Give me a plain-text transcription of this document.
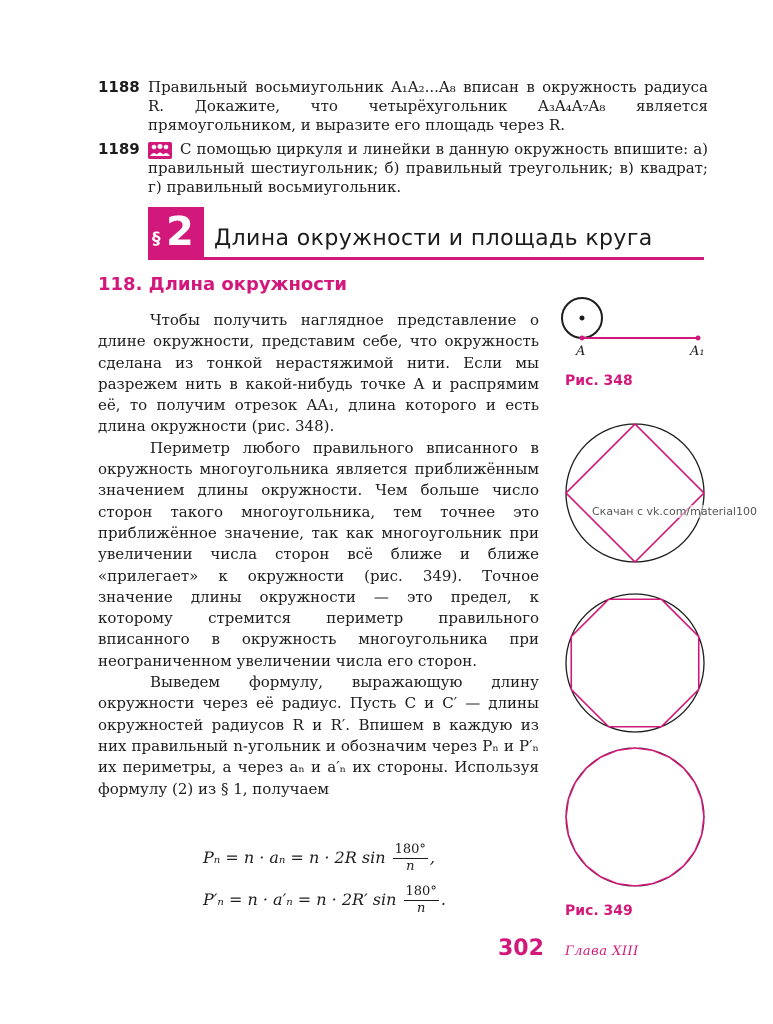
1188 Правильный восьмиугольник A₁A₂...A₈ вписан в окружность радиуса R. Докажите, что четырёхугольник A₃A₄A₇A₈ является прямоугольником, и выразите его площадь через R.
1189	С помощью циркуля и линейки в данную окружность впишите: а) правильный шестиугольник; б) правильный треугольник; в) квадрат; г) правильный восьмиугольник.
§ 2 Длина окружности и площадь круга
118. Длина окружности

Чтобы получить наглядное представление о длине окружности, представим себе, что окружность сделана из тонкой нерастяжимой нити. Если мы разрежем нить в какой-нибудь точке A и распрямим её, то получим отрезок AA₁, длина которого и есть длина окружности (рис. 348).

Периметр любого правильного вписанного в окружность многоугольника является приближённым значением длины окружности. Чем больше число сторон такого многоугольника, тем точнее это приближённое значение, так как многоугольник при увеличении числа сторон всё ближе и ближе «прилегает» к окружности (рис. 349). Точное значение длины окружности — это предел, к которому стремится периметр правильного вписанного в окружность многоугольника при неограниченном увеличении числа его сторон.

Выведем формулу, выражающую длину окружности через её радиус. Пусть C и C′ — длины окружностей радиусов R и R′. Впишем в каждую из них правильный n-угольник и обозначим через Pₙ и P′ₙ их периметры, а через aₙ и a′ₙ их стороны. Используя формулу (2) из § 1, получаем

Pₙ = n · aₙ = n · 2R $\sin \frac{180^\circ}{n}$ ,
P′ₙ = n · a′ₙ = n · 2R′ $\sin \frac{180^\circ}{n}$ .
A	A₁
Рис. 348
Скачан с vk.com/material100
Рис. 349
302 Глава XIII
